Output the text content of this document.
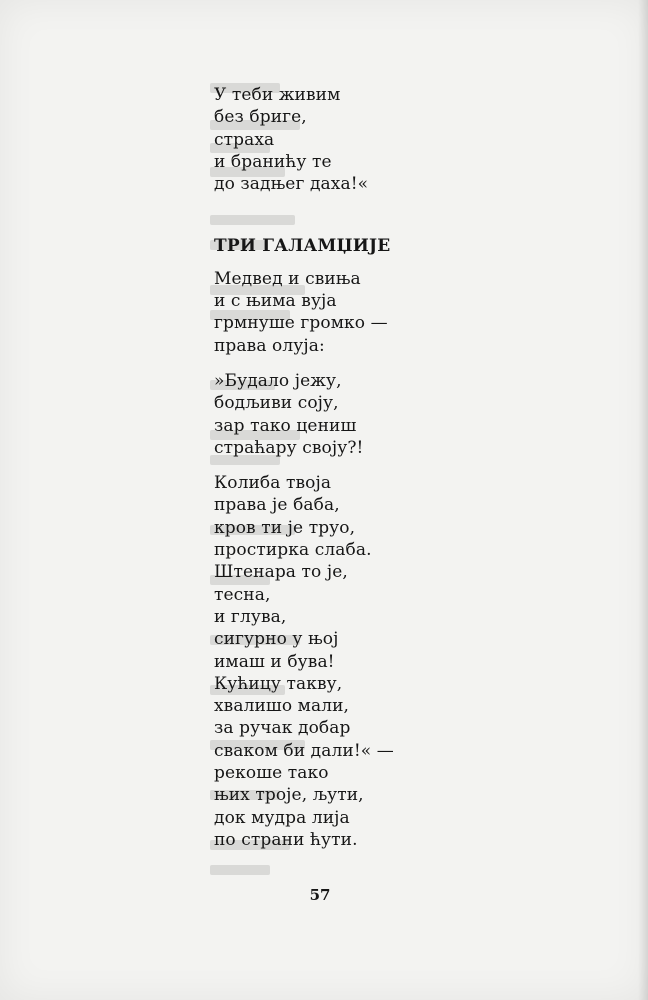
У теби живим
без бриге,
страха
и бранићу те
до задњег даха!«
ТРИ ГАЛАМЏИЈЕ
Медвед и свиња
и с њима вуја
грмнуше громко —
права олуја:
»Будало јежу,
бодљиви соју,
зар тако цениш
страћару своју?!
Колиба твоја
права је баба,
кров ти је труо,
простирка слаба.
Штенара то је,
тесна,
и глува,
сигурно у њој
имаш и бува!
Кућицу такву,
хвалишо мали,
за ручак добар
сваком би дали!« —
рекоше тако
њих троје, љути,
док мудра лија
по страни ћути.
57
